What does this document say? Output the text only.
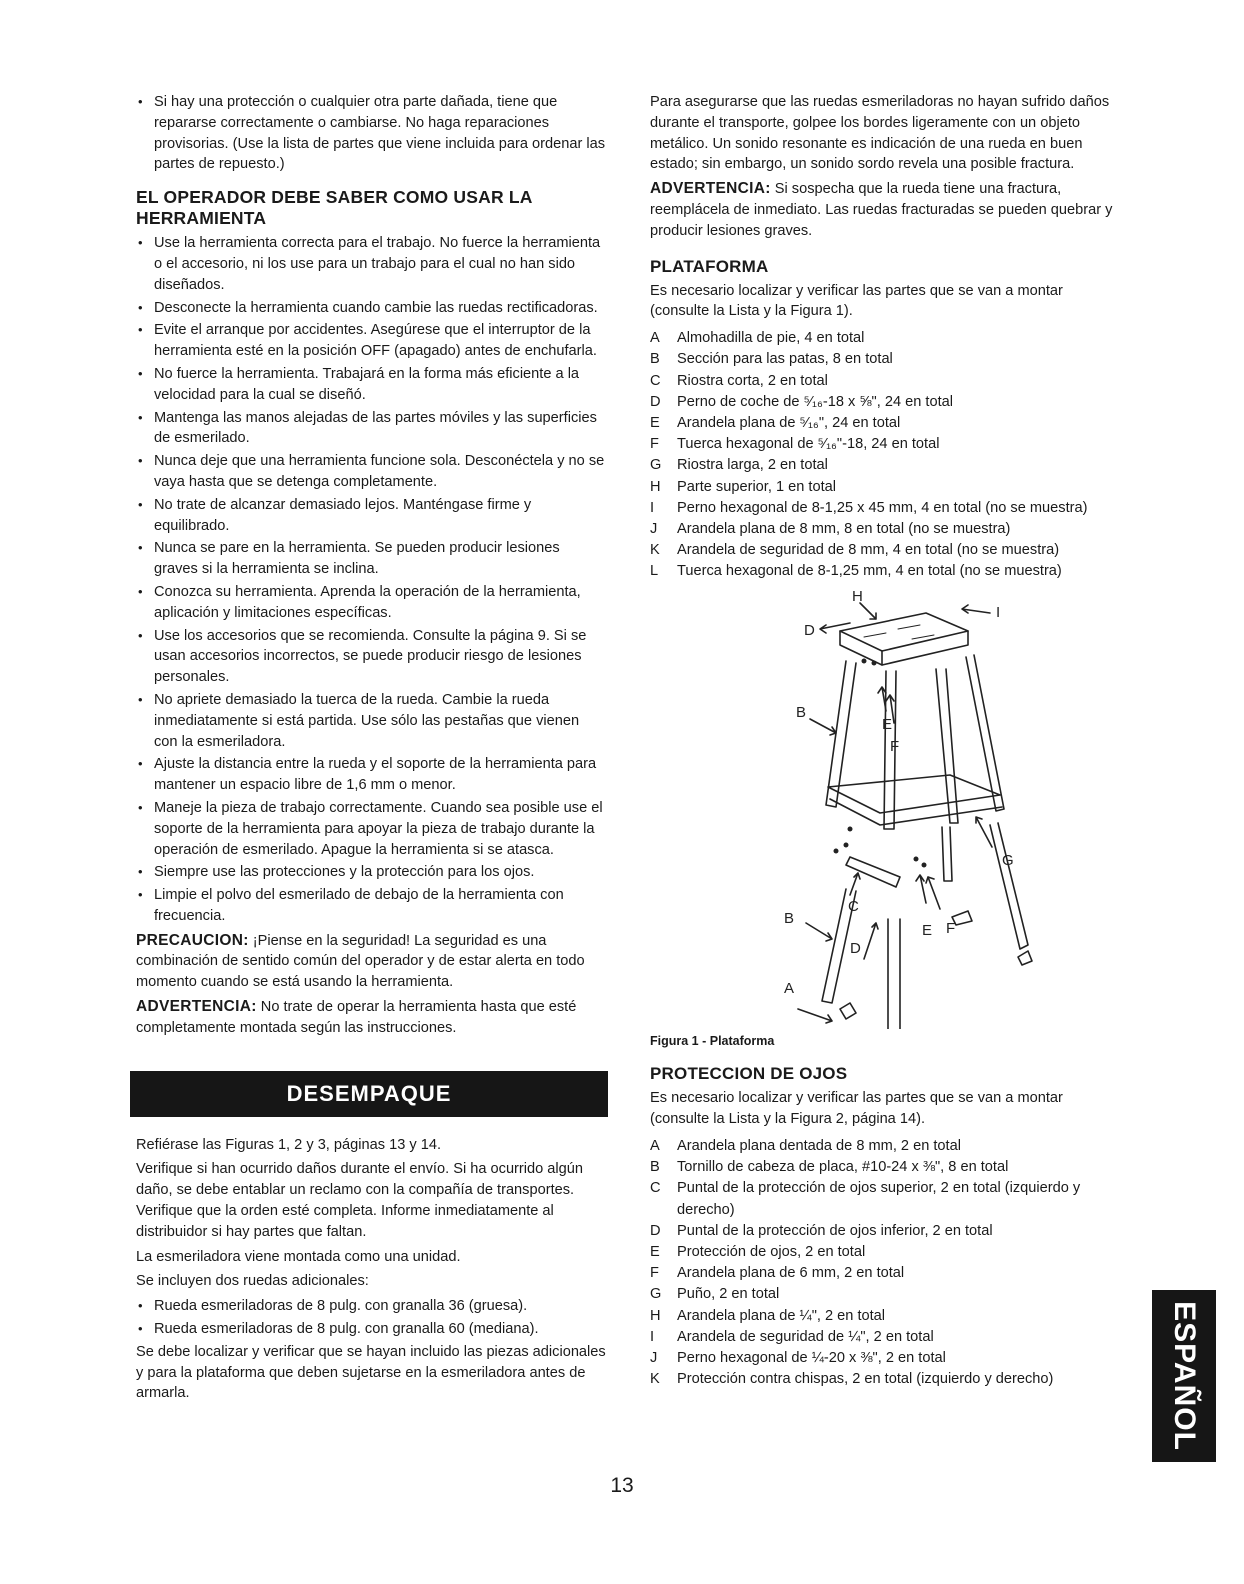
• Si hay una protección o cualquier otra parte dañada, tiene que repararse correctamente o cambiarse. No haga reparaciones provisorias. (Use la lista de partes que viene incluida para ordenar las partes de repuesto.)
EL OPERADOR DEBE SABER COMO USAR LA HERRAMIENTA
• Use la herramienta correcta para el trabajo. No fuerce la herramienta o el accesorio, ni los use para un trabajo para el cual no han sido diseñados.
• Desconecte la herramienta cuando cambie las ruedas rectificadoras.
• Evite el arranque por accidentes. Asegúrese que el interruptor de la herramienta esté en la posición OFF (apagado) antes de enchufarla.
• No fuerce la herramienta. Trabajará en la forma más eficiente a la velocidad para la cual se diseñó.
• Mantenga las manos alejadas de las partes móviles y las superficies de esmerilado.
• Nunca deje que una herramienta funcione sola. Desconéctela y no se vaya hasta que se detenga completamente.
• No trate de alcanzar demasiado lejos. Manténgase firme y equilibrado.
• Nunca se pare en la herramienta. Se pueden producir lesiones graves si la herramienta se inclina.
• Conozca su herramienta. Aprenda la operación de la herramienta, aplicación y limitaciones específicas.
• Use los accesorios que se recomienda. Consulte la página 9. Si se usan accesorios incorrectos, se puede producir riesgo de lesiones personales.
• No apriete demasiado la tuerca de la rueda. Cambie la rueda inmediatamente si está partida. Use sólo las pestañas que vienen con la esmeriladora.
• Ajuste la distancia entre la rueda y el soporte de la herramienta para mantener un espacio libre de 1,6 mm o menor.
• Maneje la pieza de trabajo correctamente. Cuando sea posible use el soporte de la herramienta para apoyar la pieza de trabajo durante la operación de esmerilado. Apague la herramienta si se atasca.
• Siempre use las protecciones y la protección para los ojos.
• Limpie el polvo del esmerilado de debajo de la herramienta con frecuencia.

PRECAUCION: ¡Piense en la seguridad! La seguridad es una combinación de sentido común del operador y de estar alerta en todo momento cuando se está usando la herramienta.

ADVERTENCIA: No trate de operar la herramienta hasta que esté completamente montada según las instrucciones.

DESEMPAQUE

Refiérase las Figuras 1, 2 y 3, páginas 13 y 14.

Verifique si han ocurrido daños durante el envío. Si ha ocurrido algún daño, se debe entablar un reclamo con la compañía de transportes. Verifique que la orden esté completa. Informe inmediatamente al distribuidor si hay partes que faltan.

La esmeriladora viene montada como una unidad.

Se incluyen dos ruedas adicionales:

• Rueda esmeriladoras de 8 pulg. con granalla 36 (gruesa).
• Rueda esmeriladoras de 8 pulg. con granalla 60 (mediana).

Se debe localizar y verificar que se hayan incluido las piezas adicionales y para la plataforma que deben sujetarse en la esmeriladora antes de armarla.

Para asegurarse que las ruedas esmeriladoras no hayan sufrido daños durante el transporte, golpee los bordes ligeramente con un objeto metálico. Un sonido resonante es indicación de una rueda en buen estado; sin embargo, un sonido sordo revela una posible fractura.

ADVERTENCIA: Si sospecha que la rueda tiene una fractura, reemplácela de inmediato. Las ruedas fracturadas se pueden quebrar y producir lesiones graves.

PLATAFORMA

Es necesario localizar y verificar las partes que se van a montar (consulte la Lista y la Figura 1).

A	Almohadilla de pie, 4 en total
B	Sección para las patas, 8 en total
C	Riostra corta, 2 en total
D	Perno de coche de ⁵⁄₁₆-18 x ⅝", 24 en total
E	Arandela plana de ⁵⁄₁₆", 24 en total
F	Tuerca hexagonal de ⁵⁄₁₆"-18, 24 en total
G	Riostra larga, 2 en total
H	Parte superior, 1 en total
I	Perno hexagonal de 8-1,25 x 45 mm, 4 en total (no se muestra)
J	Arandela plana de 8 mm, 8 en total (no se muestra)
K	Arandela de seguridad de 8 mm, 4 en total (no se muestra)
L	Tuerca hexagonal de 8-1,25 mm, 4 en total (no se muestra)
H
I
D
B
E
F
G
C
B
E F
D
A

Figura 1 - Plataforma

PROTECCION DE OJOS

Es necesario localizar y verificar las partes que se van a montar (consulte la Lista y la Figura 2, página 14).

A	Arandela plana dentada de 8 mm, 2 en total
B	Tornillo de cabeza de placa, #10-24 x ⅜", 8 en total
C	Puntal de la protección de ojos superior, 2 en total (izquierdo y derecho)
D	Puntal de la protección de ojos inferior, 2 en total
E	Protección de ojos, 2 en total
F	Arandela plana de 6 mm, 2 en total
G	Puño, 2 en total
H	Arandela plana de ¼", 2 en total
I	Arandela de seguridad de ¼", 2 en total
J	Perno hexagonal de ¼-20 x ⅜", 2 en total
K	Protección contra chispas, 2 en total (izquierdo y derecho)	ESPAÑOL
13
